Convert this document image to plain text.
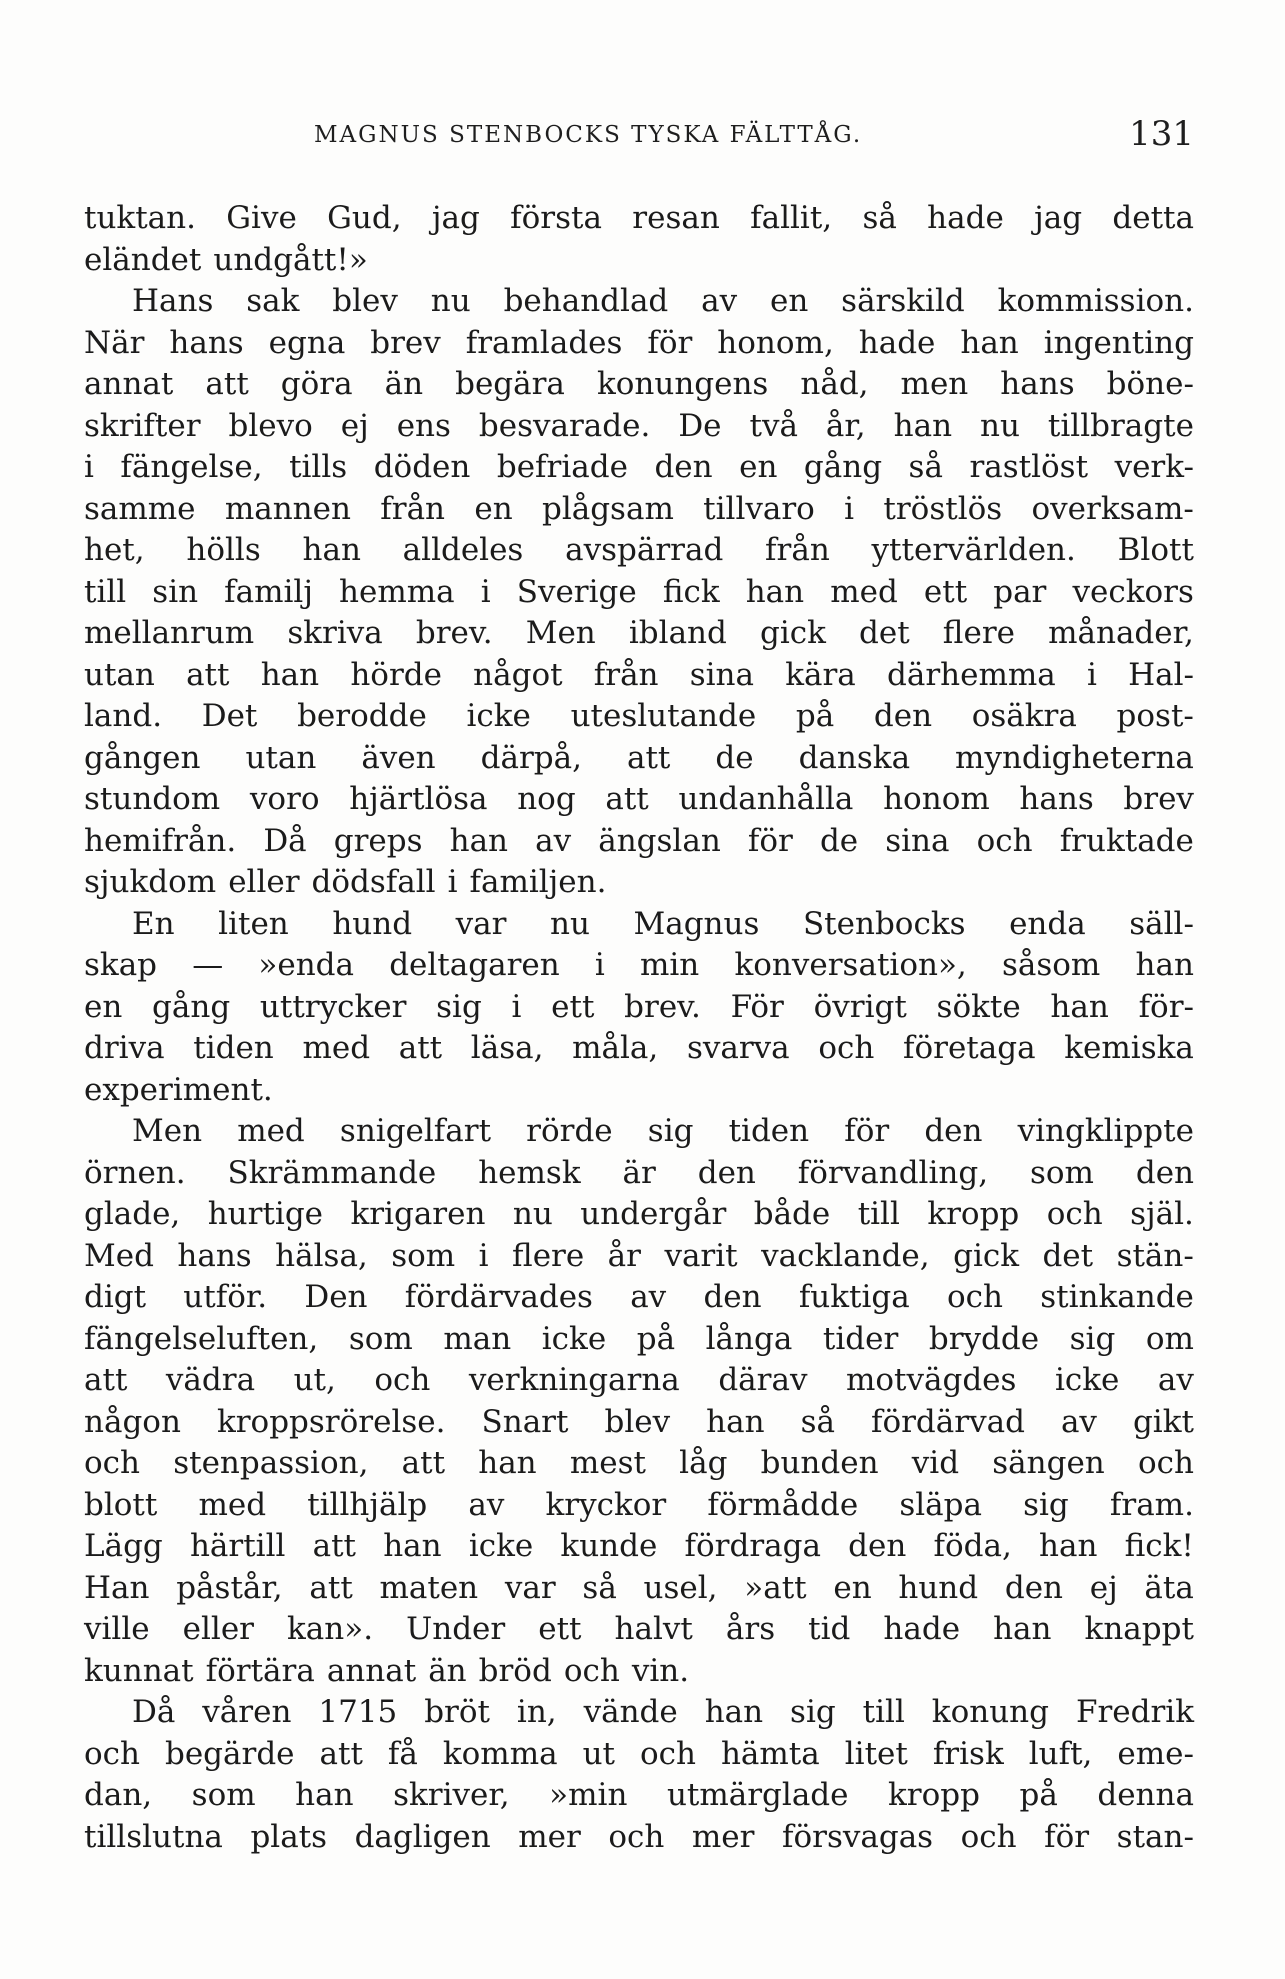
MAGNUS STENBOCKS TYSKA FÄLTTÅG.	131
tuktan. Give Gud, jag första resan fallit, så hade jag detta
eländet undgått!»
Hans sak blev nu behandlad av en särskild kommission.
När hans egna brev framlades för honom, hade han ingenting
annat att göra än begära konungens nåd, men hans böne-
skrifter blevo ej ens besvarade. De två år, han nu tillbragte
i fängelse, tills döden befriade den en gång så rastlöst verk-
samme mannen från en plågsam tillvaro i tröstlös overksam-
het, hölls han alldeles avspärrad från yttervärlden. Blott
till sin familj hemma i Sverige fick han med ett par veckors
mellanrum skriva brev. Men ibland gick det flere månader,
utan att han hörde något från sina kära därhemma i Hal-
land. Det berodde icke uteslutande på den osäkra post-
gången utan även därpå, att de danska myndigheterna
stundom voro hjärtlösa nog att undanhålla honom hans brev
hemifrån. Då greps han av ängslan för de sina och fruktade
sjukdom eller dödsfall i familjen.
En liten hund var nu Magnus Stenbocks enda säll-
skap — »enda deltagaren i min konversation», såsom han
en gång uttrycker sig i ett brev. För övrigt sökte han för-
driva tiden med att läsa, måla, svarva och företaga kemiska
experiment.
Men med snigelfart rörde sig tiden för den vingklippte
örnen. Skrämmande hemsk är den förvandling, som den
glade, hurtige krigaren nu undergår både till kropp och själ.
Med hans hälsa, som i flere år varit vacklande, gick det stän-
digt utför. Den fördärvades av den fuktiga och stinkande
fängelseluften, som man icke på långa tider brydde sig om
att vädra ut, och verkningarna därav motvägdes icke av
någon kroppsrörelse. Snart blev han så fördärvad av gikt
och stenpassion, att han mest låg bunden vid sängen och
blott med tillhjälp av kryckor förmådde släpa sig fram.
Lägg härtill att han icke kunde fördraga den föda, han fick!
Han påstår, att maten var så usel, »att en hund den ej äta
ville eller kan». Under ett halvt års tid hade han knappt
kunnat förtära annat än bröd och vin.
Då våren 1715 bröt in, vände han sig till konung Fredrik
och begärde att få komma ut och hämta litet frisk luft, eme-
dan, som han skriver, »min utmärglade kropp på denna
tillslutna plats dagligen mer och mer försvagas och för stan-
